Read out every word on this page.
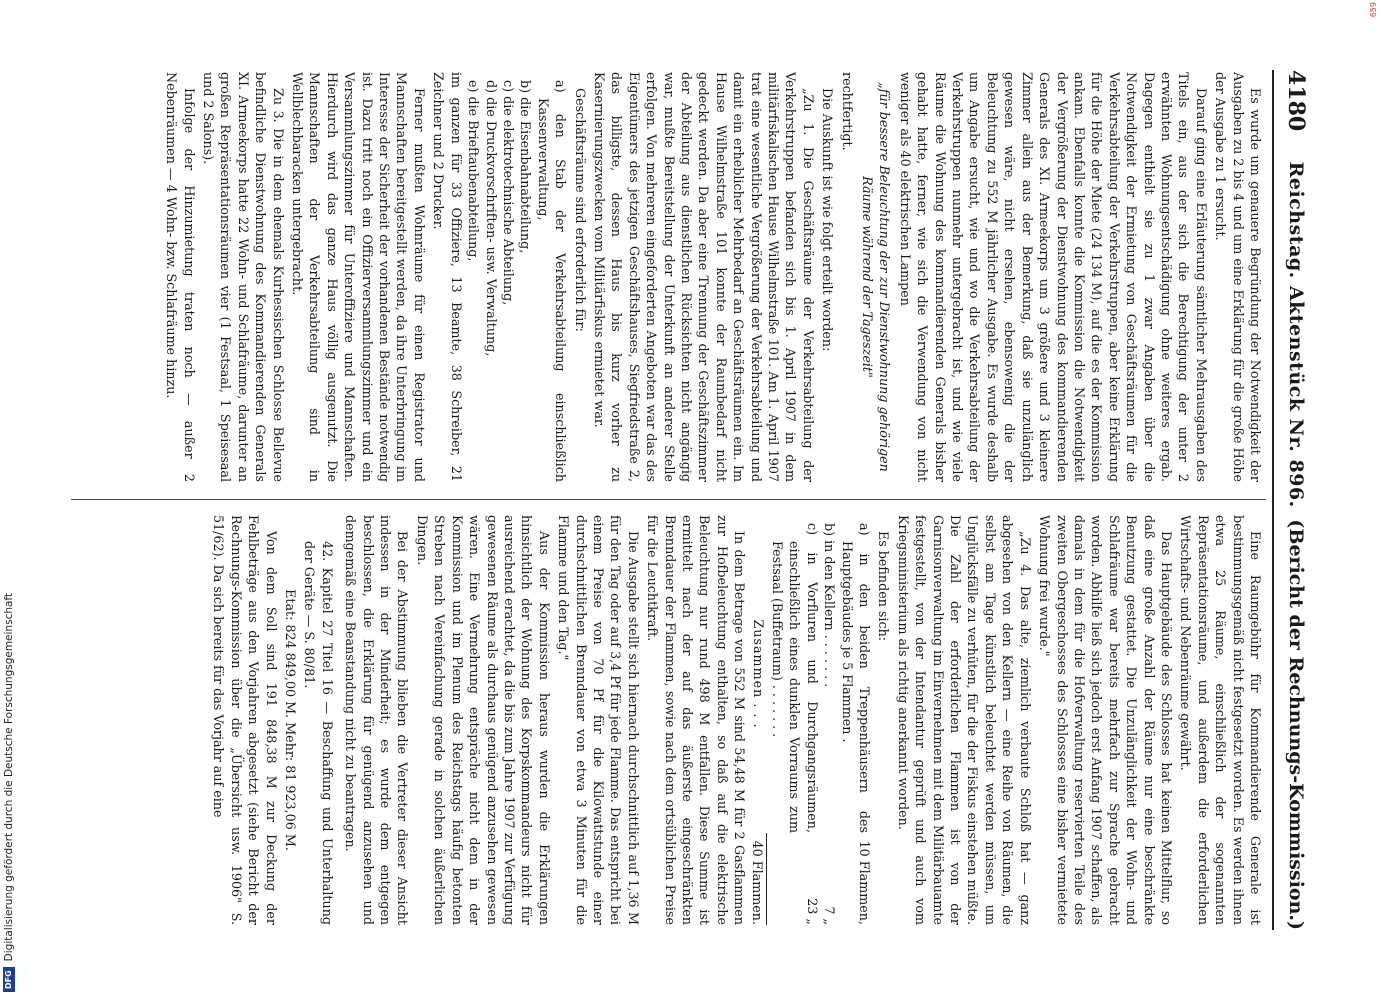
4180
Reichstag. Aktenstück Nr. 896.
(Bericht der Rechnungs-Kommission.)

Es wurde um genauere Begründung der Notwendigkeit der Ausgaben zu 2 bis 4 und um eine Erklärung für die große Höhe der Ausgabe zu 1 ersucht.

Darauf ging eine Erläuterung sämtlicher Mehrausgaben des Titels ein, aus der sich die Berechtigung der unter 2 erwähnten Wohnungsentschädigung ohne weiteres ergab. Dagegen enthielt sie zu 1 zwar Angaben über die Notwendigkeit der Ermietung von Geschäftsräumen für die Verkehrsabteilung der Verkehrstruppen, aber keine Erklärung für die Höhe der Miete (24 134 M), auf die es der Kommission ankam. Ebenfalls konnte die Kommission die Notwendigkeit der Vergrößerung der Dienstwohnung des kommandierenden Generals des XI. Armeekorps um 3 größere und 3 kleinere Zimmer allein aus der Bemerkung, daß sie unzulänglich gewesen wäre, nicht ersehen, ebensowenig die der Beleuchtung zu 552 M jährlicher Ausgabe. Es wurde deshalb um Angabe ersucht, wie und wo die Verkehrsabteilung der Verkehrstruppen nunmehr untergebracht ist, und wie viele Räume die Wohnung des kommandierenden Generals bisher gehabt hatte, ferner, wie sich die Verwendung von nicht weniger als 40 elektrischen Lampen

„für bessere Beleuchtung der zur Dienstwohnung gehörigen Räume während der Tageszeit"

rechtfertigt.

Die Auskunft ist wie folgt erteilt worden:

„Zu 1. Die Geschäftsräume der Verkehrsabteilung der Verkehrstruppen befanden sich bis 1. April 1907 in dem militärfiskalischen Hause Wilhelmstraße 101. Am 1. April 1907 trat eine wesentliche Vergrößerung der Verkehrsabteilung und damit ein erheblicher Mehrbedarf an Geschäftsräumen ein. Im Hause Wilhelmstraße 101 konnte der Raumbedarf nicht gedeckt werden. Da aber eine Trennung der Geschäftszimmer der Abteilung aus dienstlichen Rücksichten nicht angängig war, mußte Bereitstellung der Unterkunft an anderer Stelle erfolgen. Von mehreren eingeforderten Angeboten war das des Eigentümers des jetzigen Geschäftshauses, Siegfriedstraße 2, das billigste, dessen Haus bis kurz vorher zu Kasernierungszwecken vom Militärfiskus ermietet war.

Geschäftsräume sind erforderlich für:

a) den Stab der Verkehrsabteilung einschließlich Kassenverwaltung,

b) die Eisenbahnabteilung,

c) die elektrotechnische Abteilung,

d) die Druckvorschriften- usw. Verwaltung,

e) die Brieftaubenabteilung,

im ganzen für 33 Offiziere, 13 Beamte, 38 Schreiber, 21 Zeichner und 2 Drucker.

Ferner mußten Wohnräume für einen Registrator und Mannschaften bereitgestellt werden, da ihre Unterbringung im Interesse der Sicherheit der vorhandenen Bestände notwendig ist. Dazu tritt noch ein Offizierversammlungszimmer und ein Versammlungszimmer für Unteroffiziere und Mannschaften. Hierdurch wird das ganze Haus völlig ausgenutzt. Die Mannschaften der Verkehrsabteilung sind in Wellblechbaracken untergebracht.

Zu 3. Die in dem ehemals Kurhessischen Schlosse Bellevue befindliche Dienstwohnung des Kommandierenden Generals XI. Armeekorps hatte 22 Wohn- und Schlafräume, darunter an großen Repräsentationsräumen vier (1 Festsaal, 1 Speisesaal und 2 Salons).

Infolge der Hinzumietung traten noch — außer 2 Nebenräumen — 4 Wohn- bzw. Schlafräume hinzu.

Eine Raumgebühr für Kommandierende Generale ist bestimmungsgemäß nicht festgesetzt worden. Es werden ihnen etwa 25 Räume, einschließlich der sogenannten Repräsentationsräume, und außerdem die erforderlichen Wirtschafts- und Nebenräume gewährt.

Das Hauptgebäude des Schlosses hat keinen Mittelflur, so daß eine große Anzahl der Räume nur eine beschränkte Benutzung gestattet. Die Unzulänglichkeit der Wohn- und Schlafräume war bereits mehrfach zur Sprache gebracht worden. Abhilfe ließ sich jedoch erst Anfang 1907 schaffen, als damals in dem für die Hofverwaltung reservierten Teile des zweiten Obergeschosses des Schlosses eine bisher vermietete Wohnung frei wurde."

„Zu 4. Das alte, ziemlich verbaute Schloß hat — ganz abgesehen von den Kellern — eine Reihe von Räumen, die selbst am Tage künstlich beleuchtet werden müssen, um Unglücksfälle zu verhüten, für die der Fiskus einstehen müßte. Die Zahl der erforderlichen Flammen ist von der Garnisonverwaltung im Einvernehmen mit dem Militärbauamte festgestellt, von der Intendantur geprüft und auch vom Kriegsministerium als richtig anerkannt worden.

Es befinden sich:

a) in den beiden Treppenhäusern des Hauptgebäudes je 5 Flammen .
10 Flammen,
b) in den Kellern . . . . . . .
7 „
c) in Vorfluren und Durchgangsräumen, einschließlich eines dunklen Vorraums zum Festsaal (Buffetraum) . . . . . . .
23 „
Zusammen . . .
40 Flammen.

In dem Betrage von 552 M sind 54,48 M für 2 Gasflammen zur Hofbeleuchtung enthalten, so daß auf die elektrische Beleuchtung nur rund 498 M entfallen. Diese Summe ist ermittelt nach der auf das äußerste eingeschränkten Brenndauer der Flammen, sowie nach dem ortsüblichen Preise für die Leuchtkraft.

Die Ausgabe stellt sich hiernach durchschnittlich auf 1,36 M für den Tag oder auf 3,4 Pf für jede Flamme. Das entspricht bei einem Preise von 70 Pf für die Kilowattstunde einer durchschnittlichen Brenndauer von etwa 3 Minuten für die Flamme und den Tag."

Aus der Kommission heraus wurden die Erklärungen hinsichtlich der Wohnung des Korpskommandeurs nicht für ausreichend erachtet, da die bis zum Jahre 1907 zur Verfügung gewesenen Räume als durchaus genügend anzusehen gewesen wären. Eine Vermehrung entspräche nicht dem in der Kommission und im Plenum des Reichstags häufig betonten Streben nach Vereinfachung gerade in solchen äußerlichen Dingen.

Bei der Abstimmung blieben die Vertreter dieser Ansicht indessen in der Minderheit; es wurde dem entgegen beschlossen, die Erklärung für genügend anzusehen und demgemäß eine Beanstandung nicht zu beantragen.

42. Kapitel 27 Titel 16 — Beschaffung und Unterhaltung der Geräte — S. 80/81.

Etat: 824 849,00 M. Mehr: 81 923,06 M.

Von dem Soll sind 191 848,38 M zur Deckung der Fehlbeträge aus den Vorjahren abgesetzt (siehe Bericht der Rechnungs-Kommission über die „Übersicht usw. 1906" S. 51/62). Da sich bereits für das Vorjahr auf eine

DFG
Digitalisierung gefördert durch die Deutsche Forschungsgemeinschaft
659
